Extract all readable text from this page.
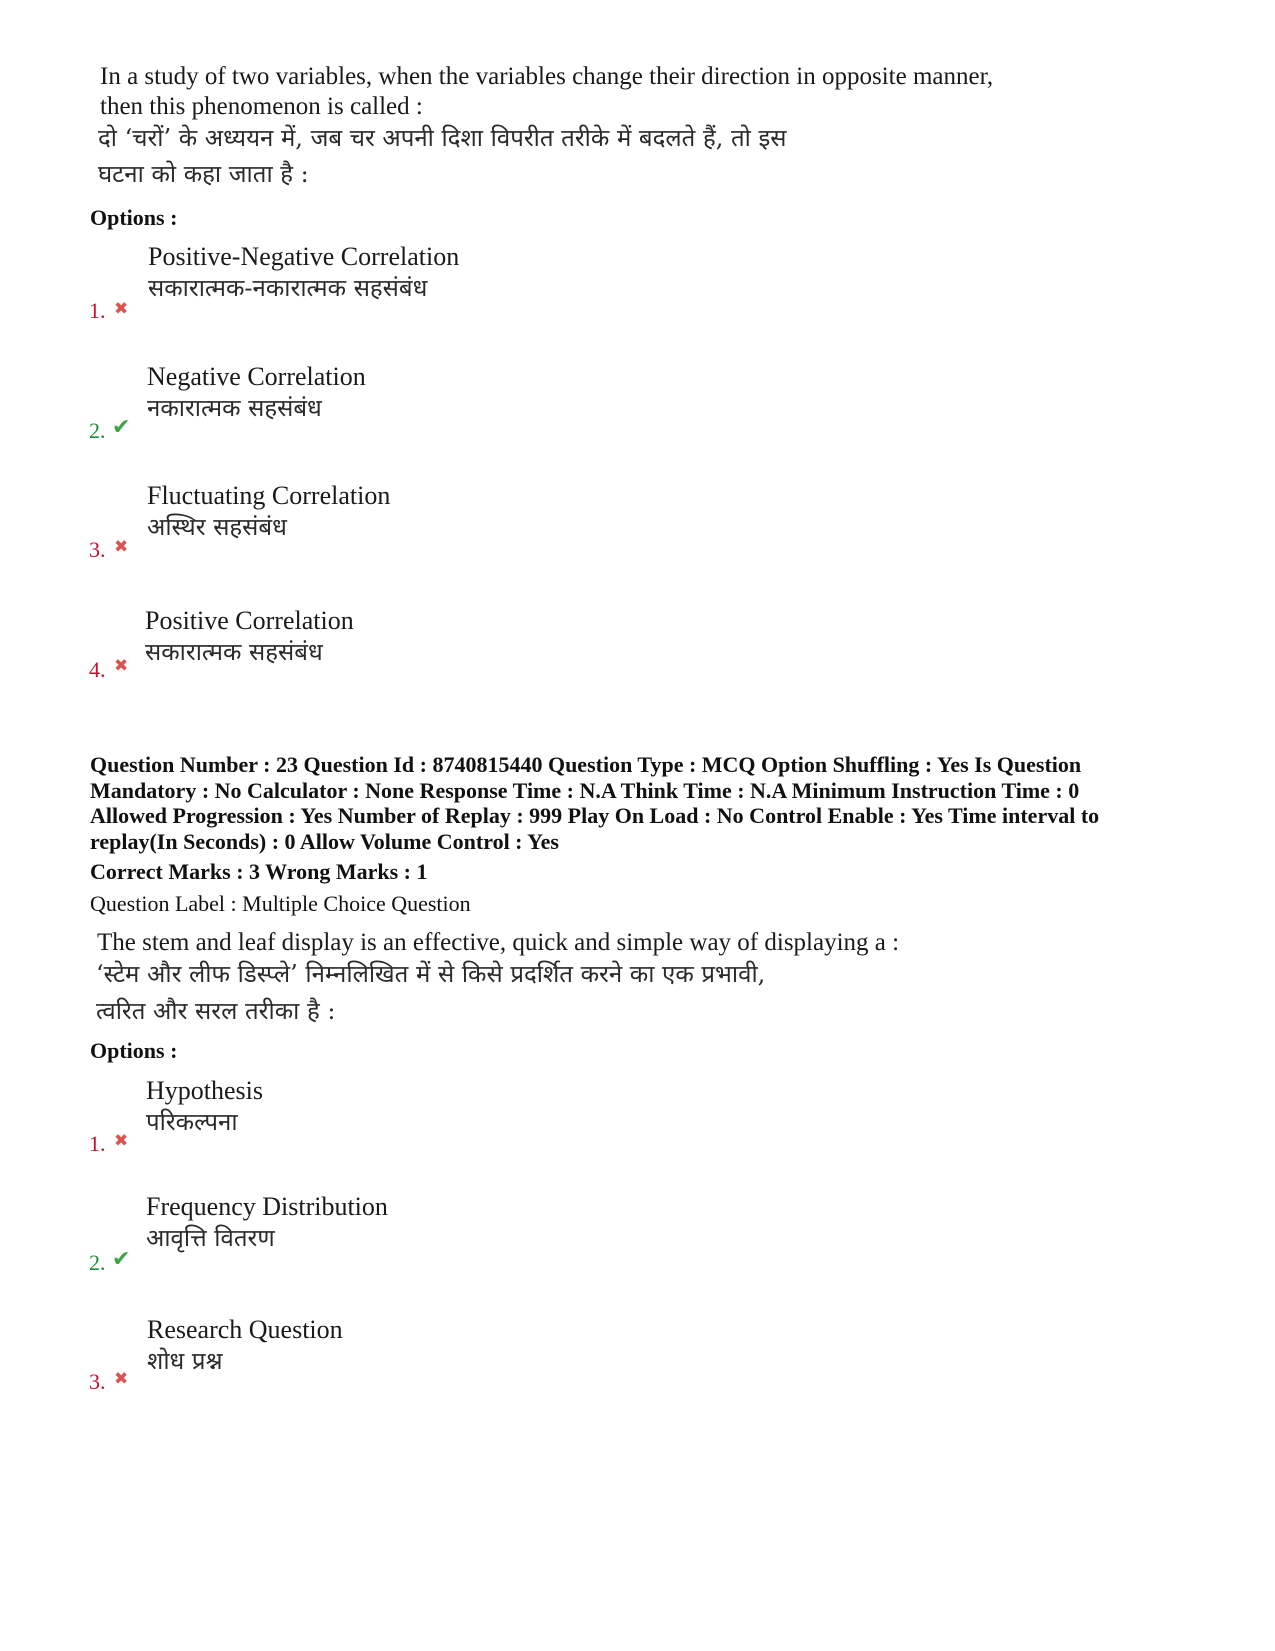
In a study of two variables, when the variables change their direction in opposite manner,
then this phenomenon is called :
दो ‘चरों’ के अध्ययन में, जब चर अपनी दिशा विपरीत तरीके में बदलते हैं, तो इस
घटना को कहा जाता है :
Options :
Positive-Negative Correlation
सकारात्मक-नकारात्मक सहसंबंध
1. ✖
Negative Correlation
नकारात्मक सहसंबंध
2. ✔
Fluctuating Correlation
अस्थिर सहसंबंध
3. ✖
Positive Correlation
सकारात्मक सहसंबंध
4. ✖
Question Number : 23 Question Id : 8740815440 Question Type : MCQ Option Shuffling : Yes Is Question
Mandatory : No Calculator : None Response Time : N.A Think Time : N.A Minimum Instruction Time : 0
Allowed Progression : Yes Number of Replay : 999 Play On Load : No Control Enable : Yes Time interval to
replay(In Seconds) : 0 Allow Volume Control : Yes
Correct Marks : 3 Wrong Marks : 1
Question Label : Multiple Choice Question
The stem and leaf display is an effective, quick and simple way of displaying a :
‘स्टेम और लीफ डिस्प्ले’ निम्नलिखित में से किसे प्रदर्शित करने का एक प्रभावी,
त्वरित और सरल तरीका है :
Options :
Hypothesis
परिकल्पना
1. ✖
Frequency Distribution
आवृत्ति वितरण
2. ✔
Research Question
शोध प्रश्न
3. ✖
